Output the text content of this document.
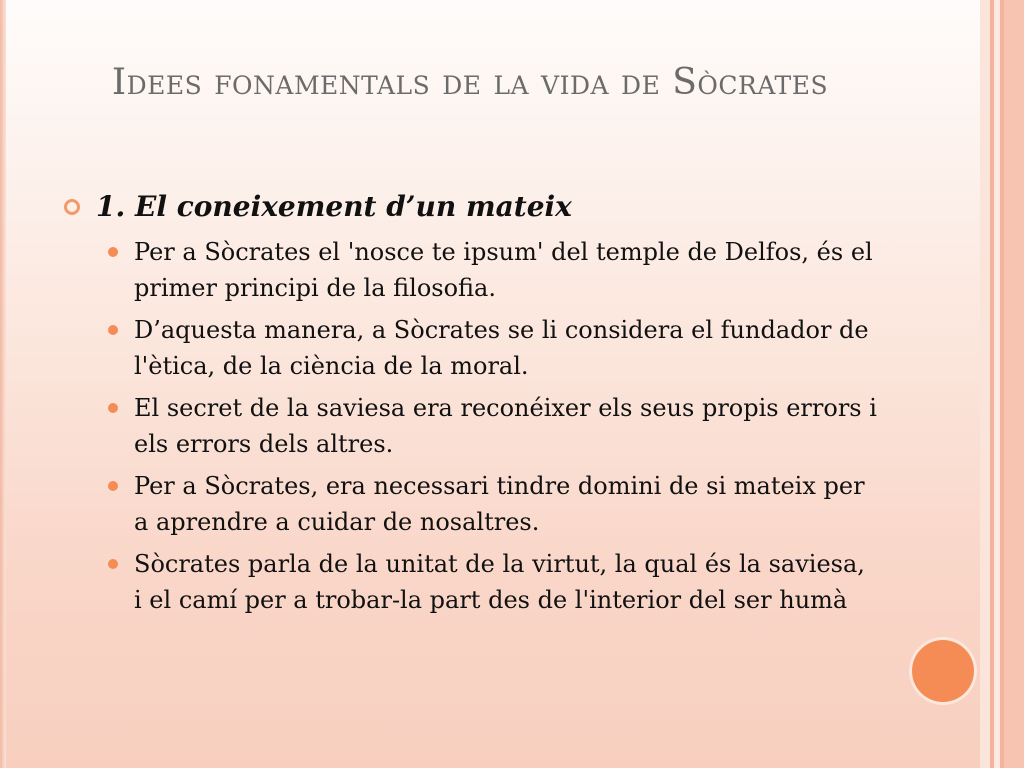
Idees fonamentals de la vida de Sòcrates
1. El coneixement d’un mateix
Per a Sòcrates el 'nosce te ipsum' del temple de Delfos, és el primer principi de la filosofia.
D’aquesta manera, a Sòcrates se li considera el fundador de l'ètica, de la ciència de la moral.
El secret de la saviesa era reconéixer els seus propis errors i els errors dels altres.
Per a Sòcrates, era necessari tindre domini de si mateix per a aprendre a cuidar de nosaltres.
Sòcrates parla de la unitat de la virtut, la qual és la saviesa, i el camí per a trobar-la part des de l'interior del ser humà
